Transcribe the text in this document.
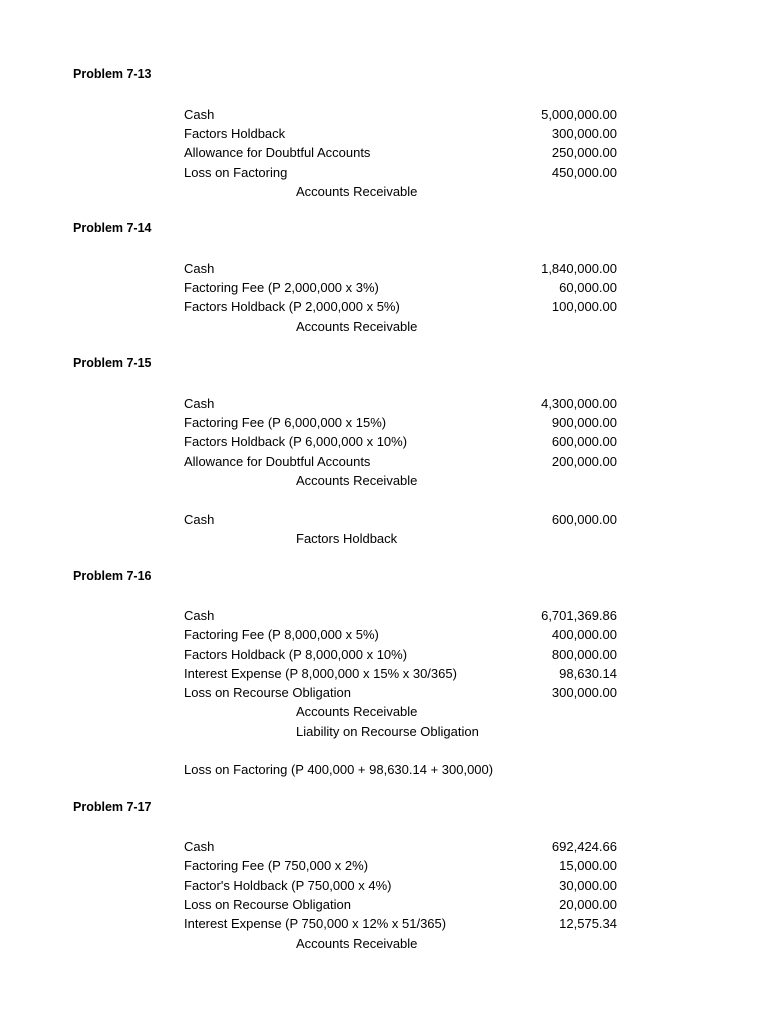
Problem 7-13
Cash	5,000,000.00
Factors Holdback	300,000.00
Allowance for Doubtful Accounts	250,000.00
Loss on Factoring	450,000.00
Accounts Receivable
Problem 7-14
Cash	1,840,000.00
Factoring Fee (P 2,000,000 x 3%)	60,000.00
Factors Holdback (P 2,000,000 x 5%)	100,000.00
Accounts Receivable
Problem 7-15
Cash	4,300,000.00
Factoring Fee (P 6,000,000 x 15%)	900,000.00
Factors Holdback (P 6,000,000 x 10%)	600,000.00
Allowance for Doubtful Accounts	200,000.00
Accounts Receivable
Cash	600,000.00
Factors Holdback
Problem 7-16
Cash	6,701,369.86
Factoring Fee (P 8,000,000 x 5%)	400,000.00
Factors Holdback (P 8,000,000 x 10%)	800,000.00
Interest Expense (P 8,000,000 x 15% x 30/365)	98,630.14
Loss on Recourse Obligation	300,000.00
Accounts Receivable
Liability on Recourse Obligation
Loss on Factoring (P 400,000 + 98,630.14 + 300,000)
Problem 7-17
Cash	692,424.66
Factoring Fee (P 750,000 x 2%)	15,000.00
Factor's Holdback (P 750,000 x 4%)	30,000.00
Loss on Recourse Obligation	20,000.00
Interest Expense (P 750,000 x 12% x 51/365)	12,575.34
Accounts Receivable
